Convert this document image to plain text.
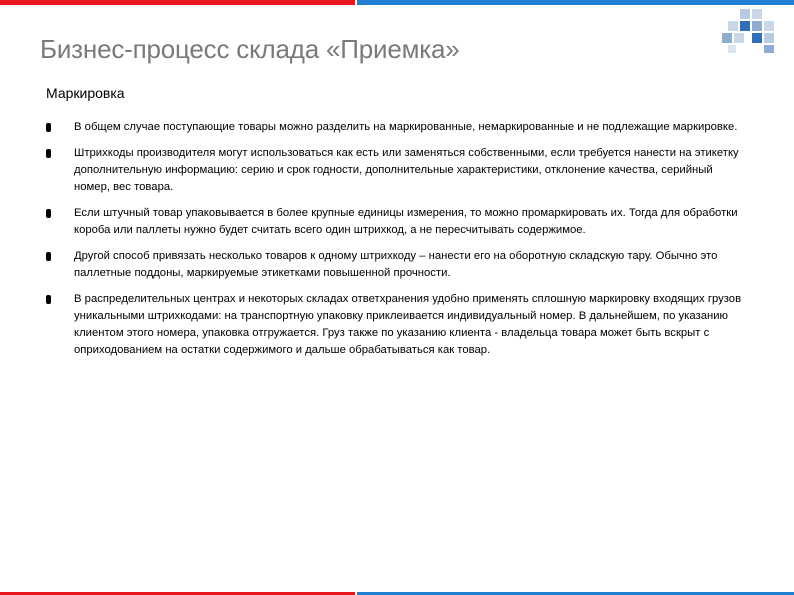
Бизнес-процесс склада «Приемка»
Маркировка
В общем случае поступающие товары можно разделить на маркированные, немаркированные и не подлежащие маркировке.
Штрихкоды производителя могут использоваться как есть или заменяться собственными, если требуется нанести на этикетку дополнительную информацию: серию и срок годности, дополнительные характеристики, отклонение качества, серийный номер, вес товара.
Если штучный товар упаковывается в более крупные единицы измерения, то можно промаркировать их. Тогда для обработки короба или паллеты нужно будет считать всего один штрихкод, а не пересчитывать содержимое.
Другой способ привязать несколько товаров к одному штрихкоду – нанести его на оборотную складскую тару. Обычно это паллетные поддоны, маркируемые этикетками повышенной прочности.
В распределительных центрах и некоторых складах ответхранения удобно применять сплошную маркировку входящих грузов уникальными штрихкодами: на транспортную упаковку приклеивается индивидуальный номер. В дальнейшем, по указанию клиентом этого номера, упаковка отгружается. Груз также по указанию клиента - владельца товара может быть вскрыт с оприходованием на остатки содержимого и дальше обрабатываться как товар.
